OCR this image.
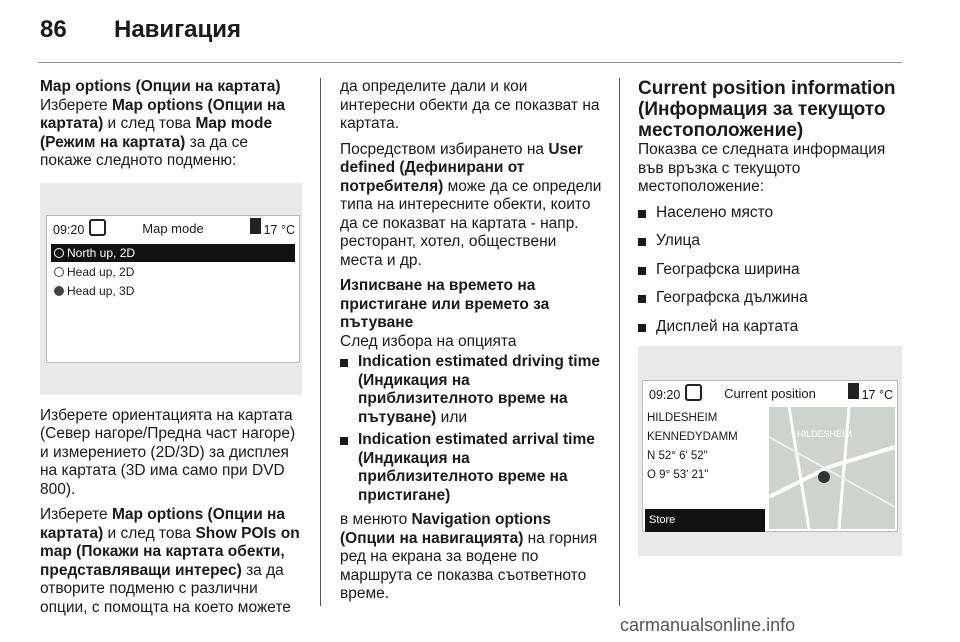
86 Навигация
Map options (Опции на картата)

Изберете Map options (Опции на картата) и след това Map mode (Режим на картата) за да се покаже следното подменю:

09:20	Map mode	17 °C
North up, 2D
Head up, 2D
Head up, 3D

Изберете ориентацията на картата (Север нагоре/Предна част нагоре) и измерението (2D/3D) за дисплея на картата (3D има само при DVD 800).

Изберете Map options (Опции на картата) и след това Show POIs on map (Покажи на картата обекти, представляващи интерес) за да отворите подменю с различни опции, с помощта на което можете

да определите дали и кои интересни обекти да се показват на картата.

Посредством избирането на User defined (Дефинирани от потребителя) може да се определи типа на интересните обекти, които да се показват на картата - напр. ресторант, хотел, обществени места и др.

Изписване на времето на пристигане или времето за пътуване

След избора на опцията

Indication estimated driving time (Индикация на приблизителното време на пътуване) или
Indication estimated arrival time (Индикация на приблизителното време на пристигане)

в менюто Navigation options (Опции на навигацията) на горния ред на екрана за водене по маршрута се показва съответното време.

Current position information (Информация за текущото местоположение)

Показва се следната информация във връзка с текущото местоположение:

Населено място
Улица
Географска ширина
Географска дължина
Дисплей на картата
09:20	Current position	17 °C
HILDESHEIM
KENNEDYDAMM
N 52° 6' 52"
O 9° 53' 21"
HILDESHEIM
Store
carmanualsonline.info
